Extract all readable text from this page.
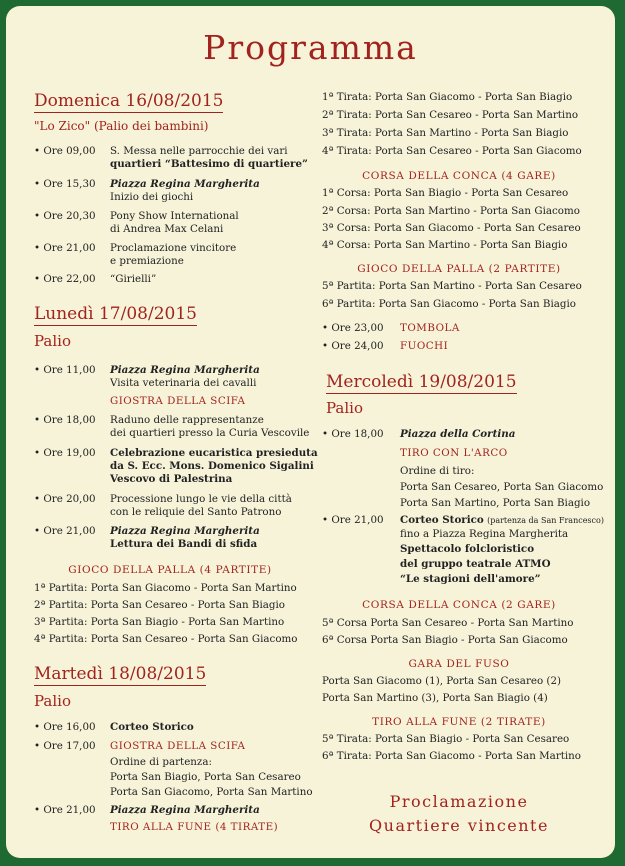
Programma
Domenica 16/08/2015
"Lo Zico" (Palio dei bambini)
• Ore 09,00 S. Messa nelle parrocchie dei vari
quartieri “Battesimo di quartiere”
• Ore 15,30 Piazza Regina Margherita
Inizio dei giochi
• Ore 20,30 Pony Show International
di Andrea Max Celani
• Ore 21,00 Proclamazione vincitore
e premiazione
• Ore 22,00 “Girielli”
Lunedì 17/08/2015
Palio
• Ore 11,00 Piazza Regina Margherita
Visita veterinaria dei cavalli
GIOSTRA DELLA SCIFA
• Ore 18,00 Raduno delle rappresentanze
dei quartieri presso la Curia Vescovile
• Ore 19,00 Celebrazione eucaristica presieduta
da S. Ecc. Mons. Domenico Sigalini
Vescovo di Palestrina
• Ore 20,00 Processione lungo le vie della città
con le reliquie del Santo Patrono
• Ore 21,00 Piazza Regina Margherita
Lettura dei Bandi di sfida
GIOCO DELLA PALLA (4 PARTITE)
1ª Partita: Porta San Giacomo - Porta San Martino
2ª Partita: Porta San Cesareo - Porta San Biagio
3ª Partita: Porta San Biagio - Porta San Martino
4ª Partita: Porta San Cesareo - Porta San Giacomo
Martedì 18/08/2015
Palio
• Ore 16,00 Corteo Storico
• Ore 17,00 GIOSTRA DELLA SCIFA
Ordine di partenza:
Porta San Biagio, Porta San Cesareo
Porta San Giacomo, Porta San Martino
• Ore 21,00 Piazza Regina Margherita
TIRO ALLA FUNE (4 TIRATE)
1ª Tirata: Porta San Giacomo - Porta San Biagio
2ª Tirata: Porta San Cesareo - Porta San Martino
3ª Tirata: Porta San Martino - Porta San Biagio
4ª Tirata: Porta San Cesareo - Porta San Giacomo
CORSA DELLA CONCA (4 GARE)
1ª Corsa: Porta San Biagio - Porta San Cesareo
2ª Corsa: Porta San Martino - Porta San Giacomo
3ª Corsa: Porta San Giacomo - Porta San Cesareo
4ª Corsa: Porta San Martino - Porta San Biagio
GIOCO DELLA PALLA (2 PARTITE)
5ª Partita: Porta San Martino - Porta San Cesareo
6ª Partita: Porta San Giacomo - Porta San Biagio
• Ore 23,00 TOMBOLA
• Ore 24,00 FUOCHI
Mercoledì 19/08/2015
Palio
• Ore 18,00 Piazza della Cortina
TIRO CON L'ARCO
Ordine di tiro:
Porta San Cesareo, Porta San Giacomo
Porta San Martino, Porta San Biagio
• Ore 21,00 Corteo Storico (partenza da San Francesco)
fino a Piazza Regina Margherita
Spettacolo folcloristico
del gruppo teatrale ATMO
“Le stagioni dell'amore”
CORSA DELLA CONCA (2 GARE)
5ª Corsa Porta San Cesareo - Porta San Martino
6ª Corsa Porta San Biagio - Porta San Giacomo
GARA DEL FUSO
Porta San Giacomo (1), Porta San Cesareo (2)
Porta San Martino (3), Porta San Biagio (4)
TIRO ALLA FUNE (2 TIRATE)
5ª Tirata: Porta San Biagio - Porta San Cesareo
6ª Tirata: Porta San Giacomo - Porta San Martino
Proclamazione
Quartiere vincente
